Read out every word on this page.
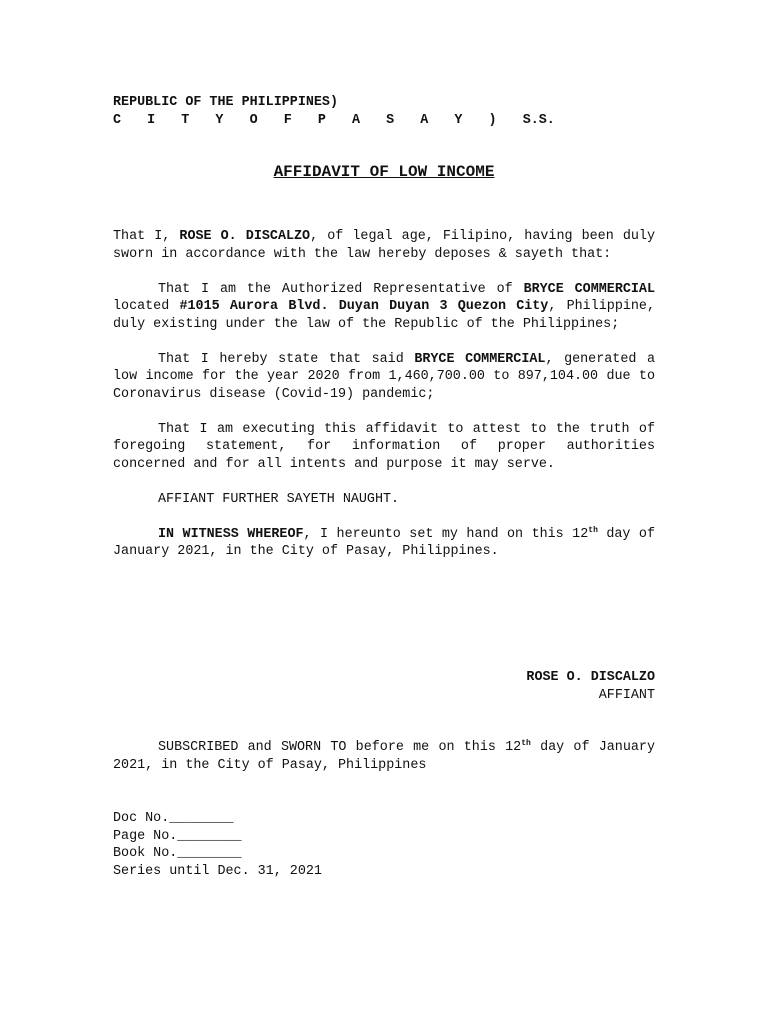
REPUBLIC OF THE PHILIPPINES)
C I T Y O F P A S A Y ) S.S.
AFFIDAVIT OF LOW INCOME

That I, ROSE O. DISCALZO, of legal age, Filipino, having been duly sworn in accordance with the law hereby deposes & sayeth that:

That I am the Authorized Representative of BRYCE COMMERCIAL located #1015 Aurora Blvd. Duyan Duyan 3 Quezon City, Philippine, duly existing under the law of the Republic of the Philippines;

That I hereby state that said BRYCE COMMERCIAL, generated a low income for the year 2020 from 1,460,700.00 to 897,104.00 due to Coronavirus disease (Covid-19) pandemic;

That I am executing this affidavit to attest to the truth of foregoing statement, for information of proper authorities concerned and for all intents and purpose it may serve.

AFFIANT FURTHER SAYETH NAUGHT.

IN WITNESS WHEREOF, I hereunto set my hand on this 12th day of January 2021, in the City of Pasay, Philippines.

ROSE O. DISCALZO
AFFIANT

SUBSCRIBED and SWORN TO before me on this 12th day of January 2021, in the City of Pasay, Philippines

Doc No.________
Page No.________
Book No.________
Series until Dec. 31, 2021
